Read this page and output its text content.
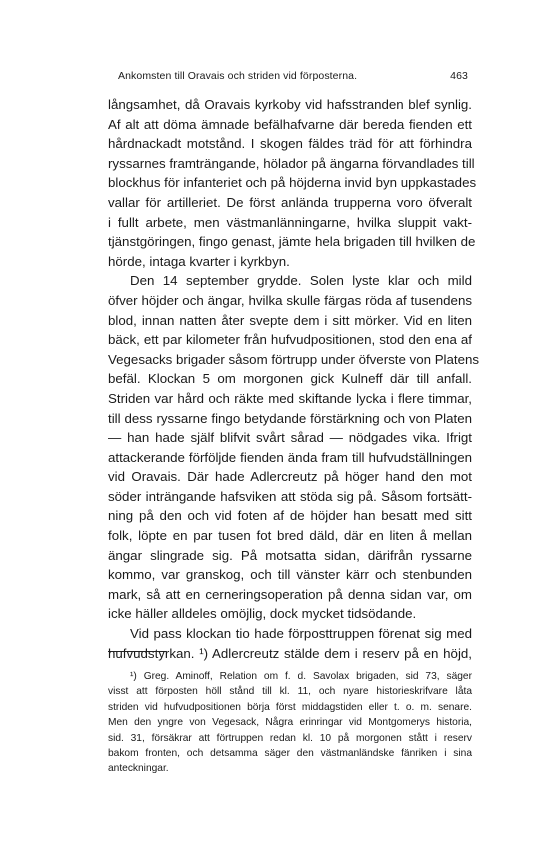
Ankomsten till Oravais och striden vid förposterna.	463
långsamhet, då Oravais kyrkoby vid hafsstranden blef synlig.
Af alt att döma ämnade befälhafvarne där bereda fienden ett
hårdnackadt motstånd. I skogen fäldes träd för att förhindra
ryssarnes framträngande, hölador på ängarna förvandlades till
blockhus för infanteriet och på höjderna invid byn uppkastades
vallar för artilleriet. De först anlända trupperna voro öfveralt
i fullt arbete, men västmanlänningarne, hvilka sluppit vakt-
tjänstgöringen, fingo genast, jämte hela brigaden till hvilken de
hörde, intaga kvarter i kyrkbyn.
Den 14 september grydde. Solen lyste klar och mild
öfver höjder och ängar, hvilka skulle färgas röda af tusendens
blod, innan natten åter svepte dem i sitt mörker. Vid en liten
bäck, ett par kilometer från hufvudpositionen, stod den ena af
Vegesacks brigader såsom förtrupp under öfverste von Platens
befäl. Klockan 5 om morgonen gick Kulneff där till anfall.
Striden var hård och räkte med skiftande lycka i flere timmar,
till dess ryssarne fingo betydande förstärkning och von Platen
— han hade själf blifvit svårt sårad — nödgades vika. Ifrigt
attackerande förföljde fienden ända fram till hufvudställningen
vid Oravais. Där hade Adlercreutz på höger hand den mot
söder inträngande hafsviken att stöda sig på. Såsom fortsätt-
ning på den och vid foten af de höjder han besatt med sitt
folk, löpte en par tusen fot bred däld, där en liten å mellan
ängar slingrade sig. På motsatta sidan, därifrån ryssarne
kommo, var granskog, och till vänster kärr och stenbunden
mark, så att en cerneringsoperation på denna sidan var, om
icke häller alldeles omöjlig, dock mycket tidsödande.
Vid pass klockan tio hade förposttruppen förenat sig med
hufvudstyrkan. ¹) Adlercreutz stälde dem i reserv på en höjd,
¹) Greg. Aminoff, Relation om f. d. Savolax brigaden, sid 73, säger
visst att förposten höll stånd till kl. 11, och nyare historieskrifvare låta
striden vid hufvudpositionen börja först middagstiden eller t. o. m. senare.
Men den yngre von Vegesack, Några erinringar vid Montgomerys historia,
sid. 31, försäkrar att förtruppen redan kl. 10 på morgonen stått i reserv
bakom fronten, och detsamma säger den västmanländske fänriken i sina
anteckningar.
